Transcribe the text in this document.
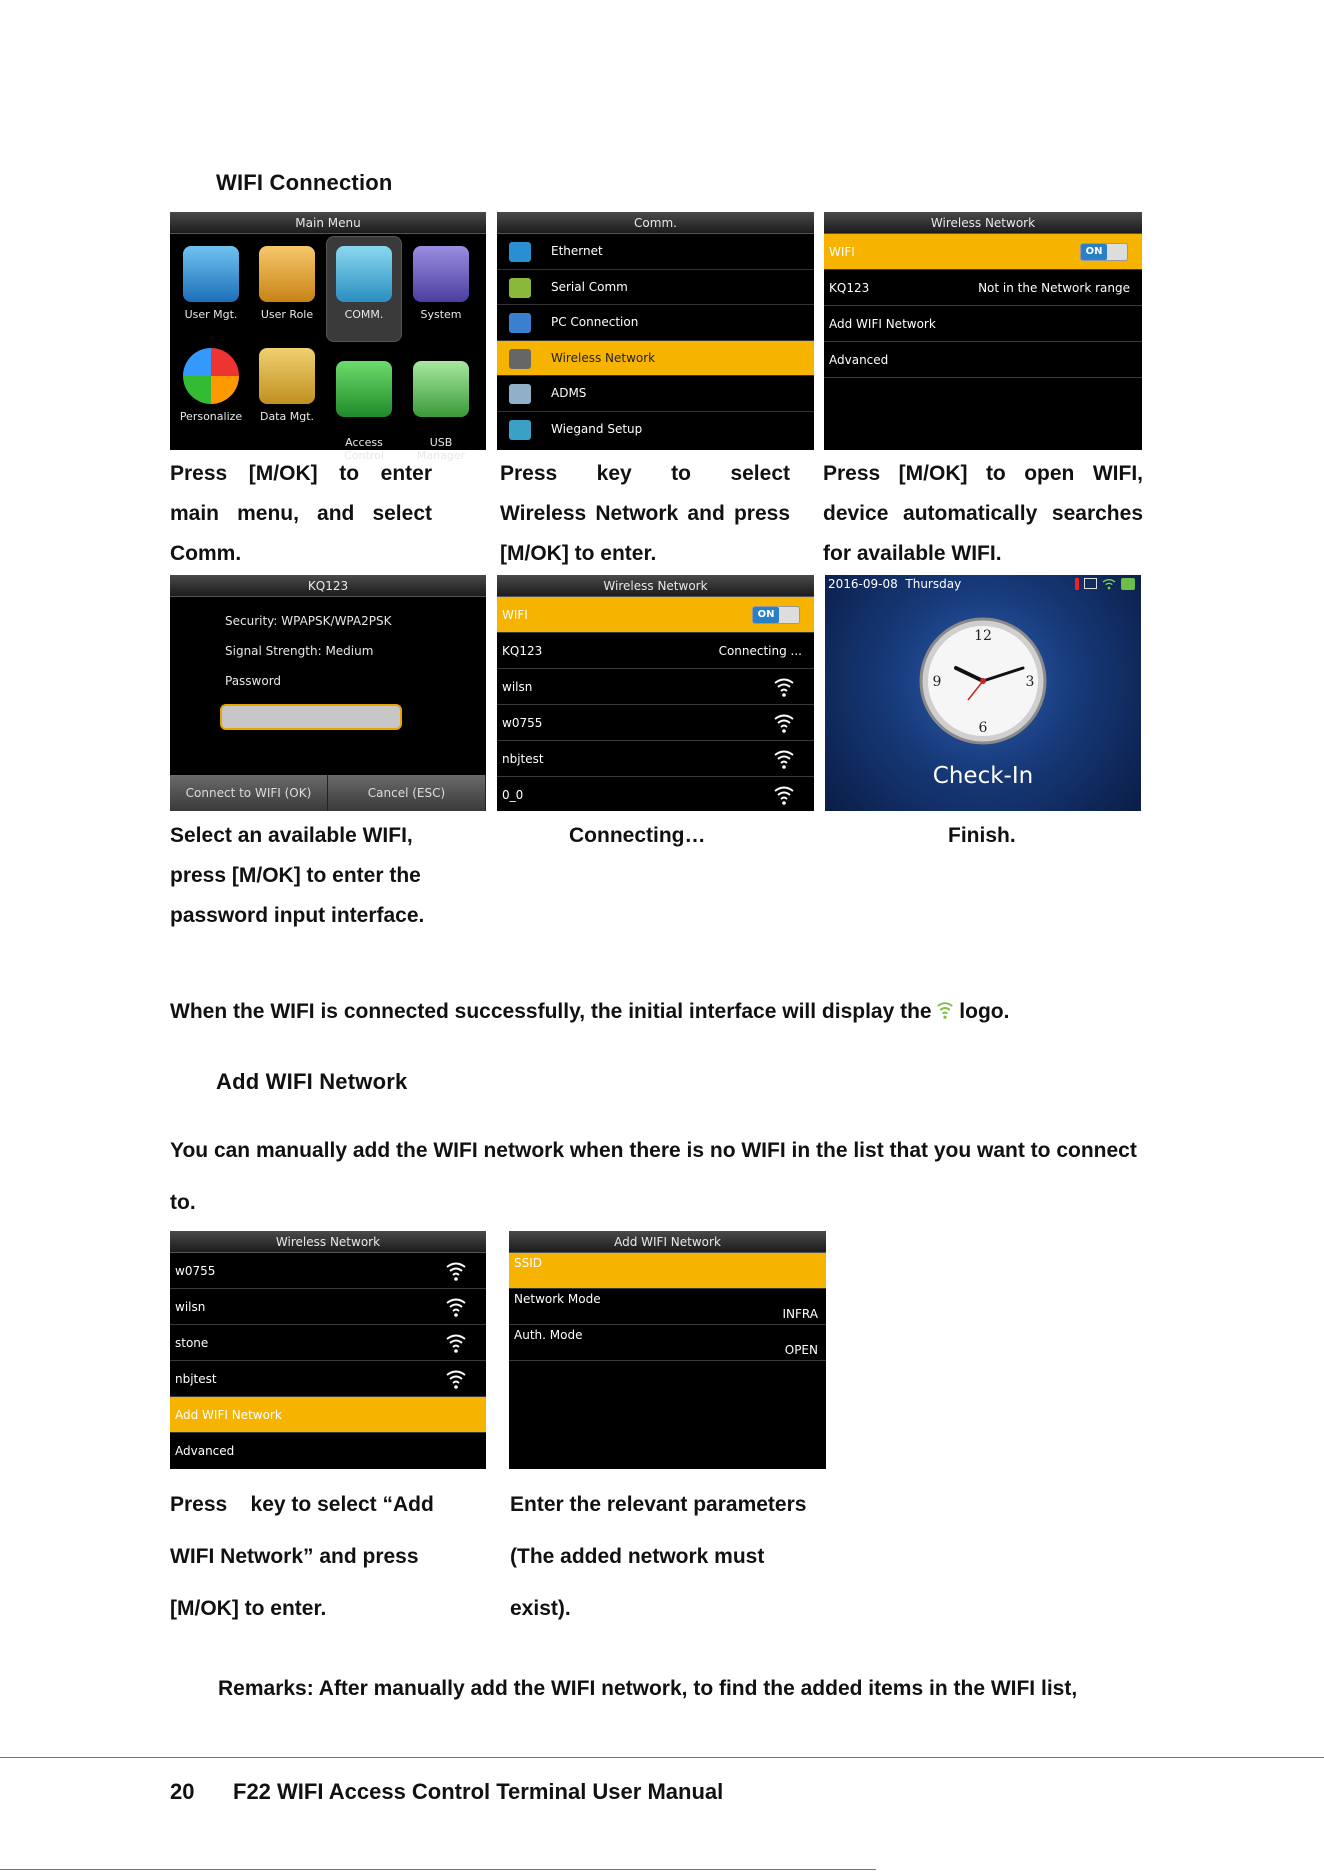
WIFI Connection
Main Menu
User Mgt.	User Role	COMM.	System
Personalize	Data Mgt.

Access
Control

USB
Manager

Comm.
Ethernet
Serial Comm
PC Connection
Wireless Network
ADMS
Wiegand Setup
Wireless Network
WIFI	ON
KQ123	Not in the Network range
Add WIFI Network
Advanced
Press [M/OK] to enter
main menu, and select
Comm.
Press key to select
Wireless Network and press
[M/OK] to enter.
Press [M/OK] to open WIFI,
device automatically searches
for available WIFI.
KQ123
Security: WPAPSK/WPA2PSK
Signal Strength: Medium
Password
Connect to WIFI (OK)	Cancel (ESC)
Wireless Network
WIFI	ON
KQ123	Connecting ...
wilsn
w0755
nbjtest
0_0
2016-09-08 Thursday
12
3
6
9
Check-In
Select an available WIFI,
press [M/OK] to enter the
password input interface.
Connecting…	Finish.
When the WIFI is connected successfully, the initial interface will display the logo.
Add WIFI Network
You can manually add the WIFI network when there is no WIFI in the list that you want to connect
to.
Wireless Network
w0755
wilsn
stone
nbjtest
Add WIFI Network
Advanced
Add WIFI Network
SSID
Network Mode
INFRA
Auth. Mode
OPEN
Press    key to select “Add
WIFI Network” and press
[M/OK] to enter.
Enter the relevant parameters
(The added network must
exist).
Remarks: After manually add the WIFI network, to find the added items in the WIFI list,
20 F22 WIFI Access Control Terminal User Manual
